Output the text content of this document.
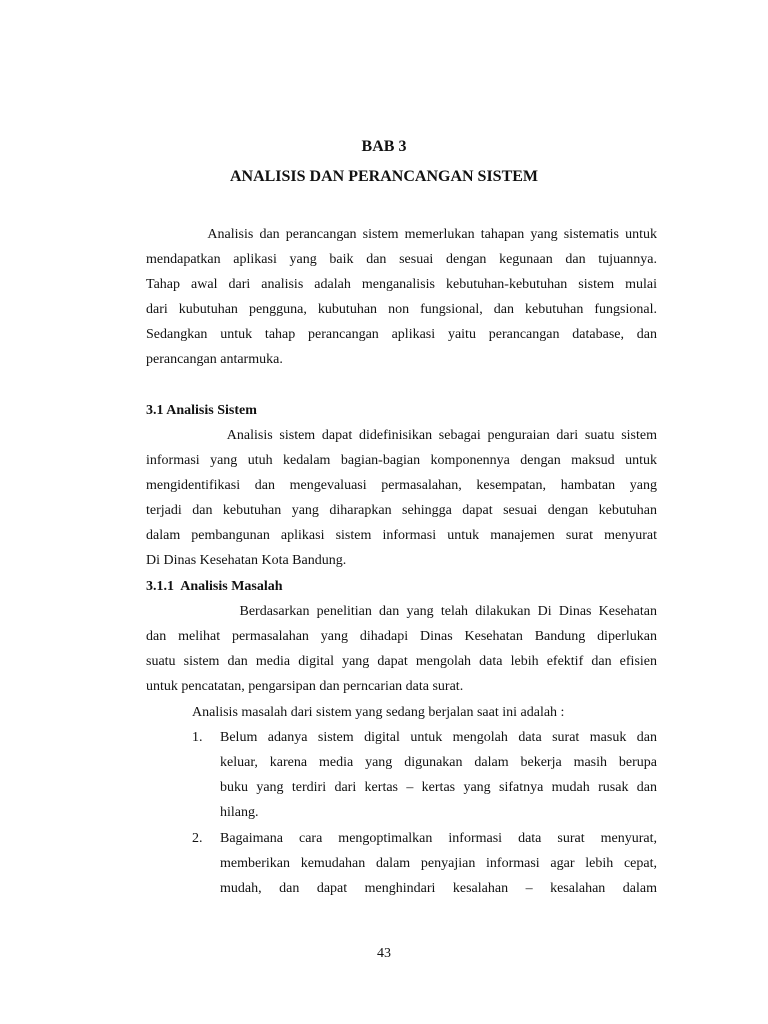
BAB 3
ANALISIS DAN PERANCANGAN SISTEM
Analisis dan perancangan sistem memerlukan tahapan yang sistematis untuk
mendapatkan aplikasi yang baik dan sesuai dengan kegunaan dan tujuannya.
Tahap awal dari analisis adalah menganalisis kebutuhan-kebutuhan sistem mulai
dari kubutuhan pengguna, kubutuhan non fungsional, dan kebutuhan fungsional.
Sedangkan untuk tahap perancangan aplikasi yaitu perancangan database, dan
perancangan antarmuka.
3.1 Analisis Sistem
Analisis sistem dapat didefinisikan sebagai penguraian dari suatu sistem
informasi yang utuh kedalam bagian-bagian komponennya dengan maksud untuk
mengidentifikasi dan mengevaluasi permasalahan, kesempatan, hambatan yang
terjadi dan kebutuhan yang diharapkan sehingga dapat sesuai dengan kebutuhan
dalam pembangunan aplikasi sistem informasi untuk manajemen surat menyurat
Di Dinas Kesehatan Kota Bandung.
3.1.1  Analisis Masalah
Berdasarkan penelitian dan yang telah dilakukan Di Dinas Kesehatan
dan melihat permasalahan yang dihadapi Dinas Kesehatan Bandung diperlukan
suatu sistem dan media digital yang dapat mengolah data lebih efektif dan efisien
untuk pencatatan, pengarsipan dan perncarian data surat.
Analisis masalah dari sistem yang sedang berjalan saat ini adalah :
1.	Belum adanya sistem digital untuk mengolah data surat masuk dan
keluar, karena media yang digunakan dalam bekerja masih berupa
buku yang terdiri dari kertas – kertas yang sifatnya mudah rusak dan
hilang.
2.	Bagaimana cara mengoptimalkan informasi data surat menyurat,
memberikan kemudahan dalam penyajian informasi agar lebih cepat,
mudah, dan dapat menghindari kesalahan – kesalahan dalam
43
